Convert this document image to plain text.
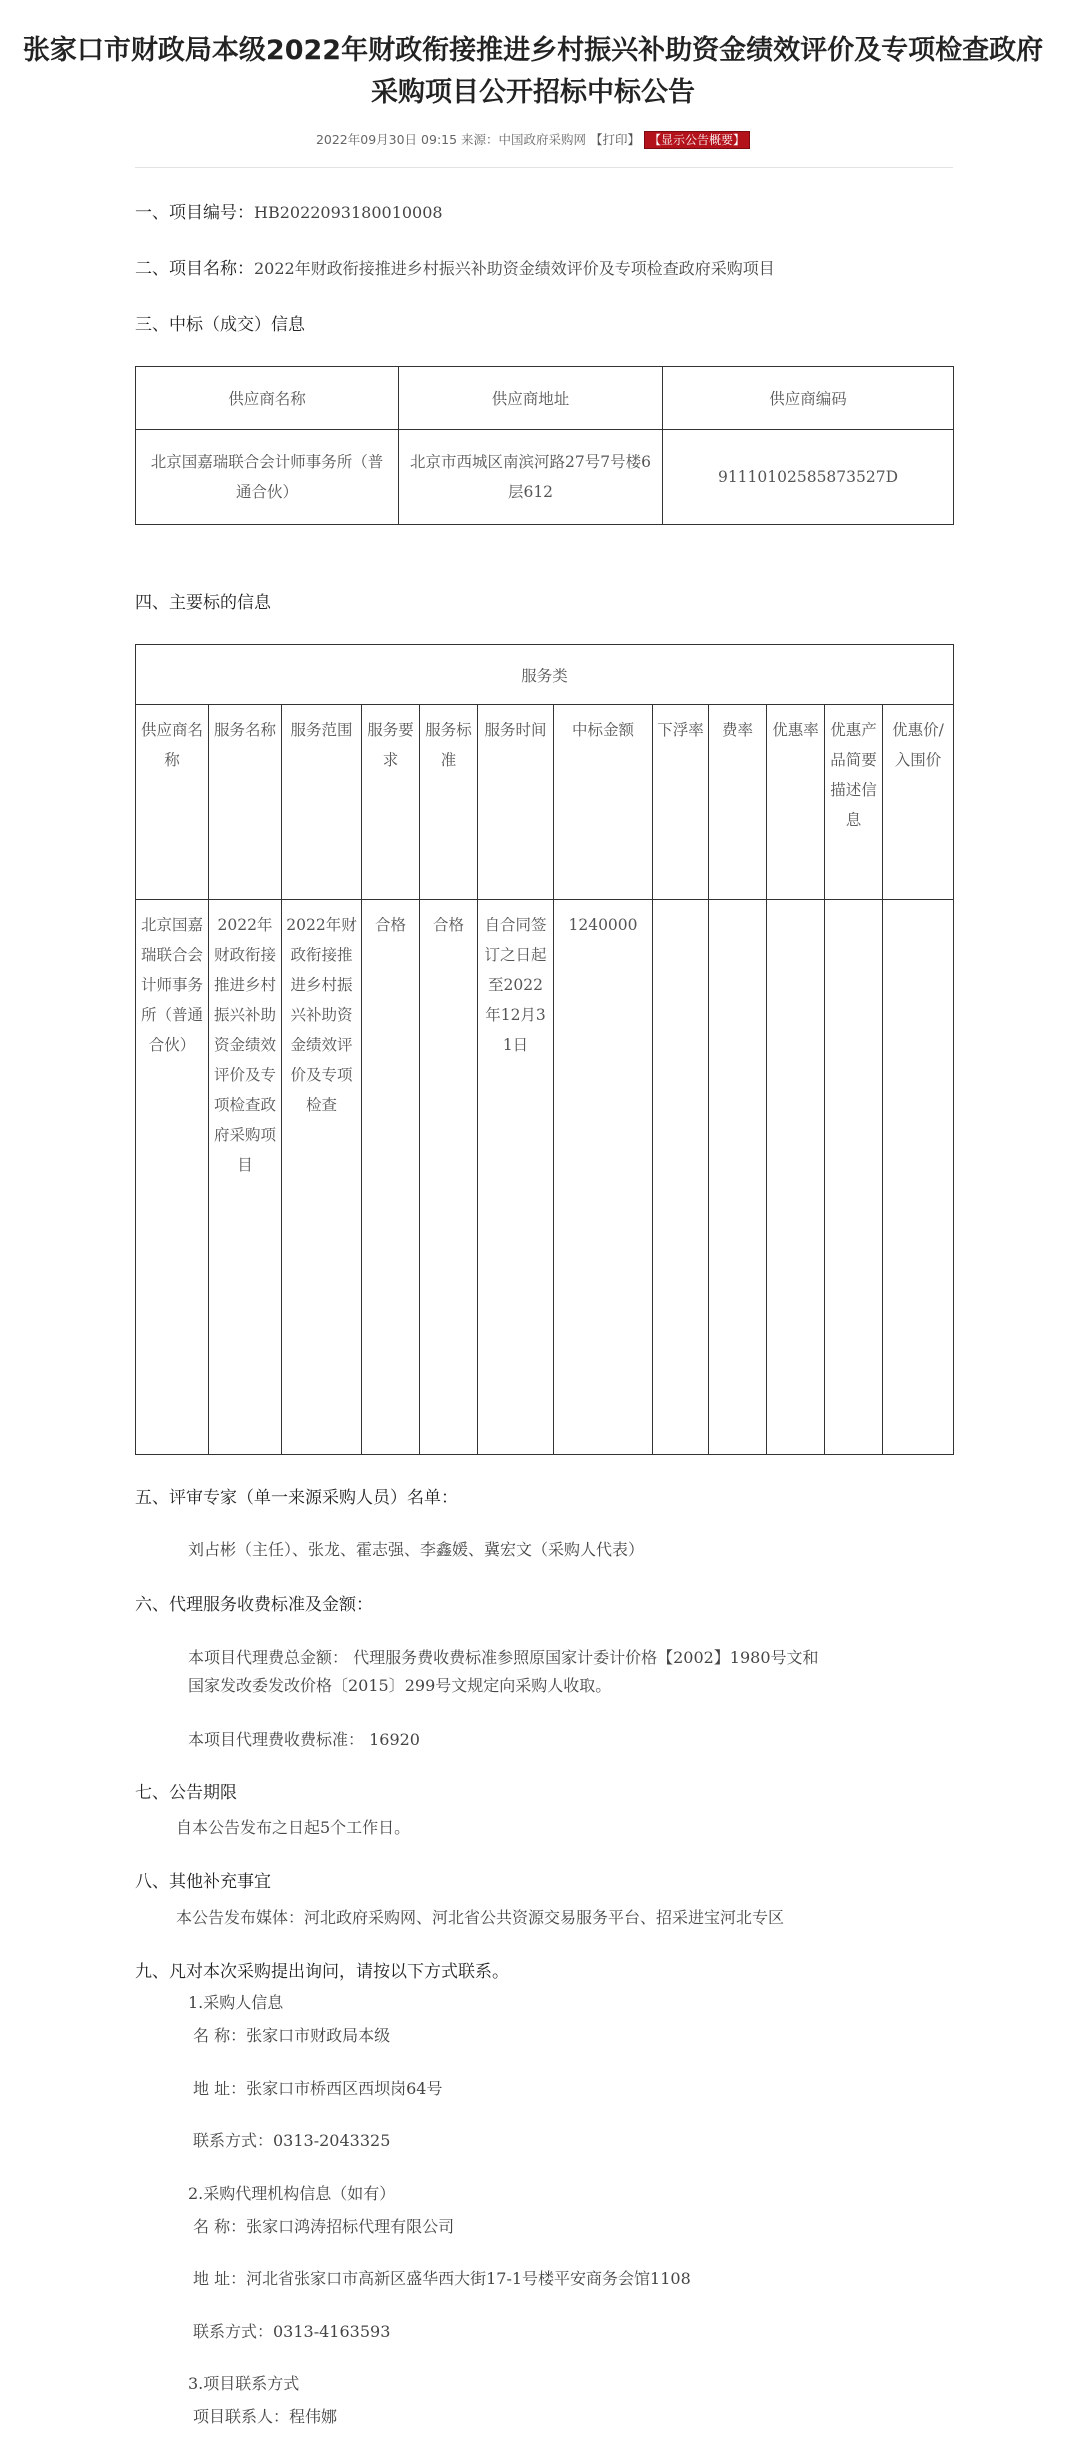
张家口市财政局本级2022年财政衔接推进乡村振兴补助资金绩效评价及专项检查政府采购项目公开招标中标公告
2022年09月30日 09:15 来源：中国政府采购网 【打印】 【显示公告概要】
一、项目编号：HB2022093180010008
二、项目名称：2022年财政衔接推进乡村振兴补助资金绩效评价及专项检查政府采购项目
三、中标（成交）信息
供应商名称	供应商地址	供应商编码
北京国嘉瑞联合会计师事务所（普通合伙）	北京市西城区南滨河路27号7号楼6层612	91110102585873527D
四、主要标的信息
服务类											
供应商名称	服务名称	服务范围	服务要求	服务标准	服务时间	中标金额	下浮率	费率	优惠率	优惠产品简要描述信息	优惠价/入围价
北京国嘉瑞联合会计师事务所（普通合伙）	2022年财政衔接推进乡村振兴补助资金绩效评价及专项检查政府采购项目	2022年财政衔接推进乡村振兴补助资金绩效评价及专项检查	合格	合格	自合同签订之日起至2022年12月31日	1240000					
五、评审专家（单一来源采购人员）名单：
刘占彬（主任）、张龙、霍志强、李鑫媛、冀宏文（采购人代表）
六、代理服务收费标准及金额：
本项目代理费总金额： 代理服务费收费标准参照原国家计委计价格【2002】1980号文和
国家发改委发改价格〔2015〕299号文规定向采购人收取。
本项目代理费收费标准： 16920
七、公告期限
自本公告发布之日起5个工作日。
八、其他补充事宜
本公告发布媒体：河北政府采购网、河北省公共资源交易服务平台、招采进宝河北专区
九、凡对本次采购提出询问，请按以下方式联系。
1.采购人信息
名 称：张家口市财政局本级
地 址：张家口市桥西区西坝岗64号
联系方式：0313-2043325
2.采购代理机构信息（如有）
名 称：张家口鸿涛招标代理有限公司
地 址：河北省张家口市高新区盛华西大街17-1号楼平安商务会馆1108
联系方式：0313-4163593
3.项目联系方式
项目联系人：程伟娜
